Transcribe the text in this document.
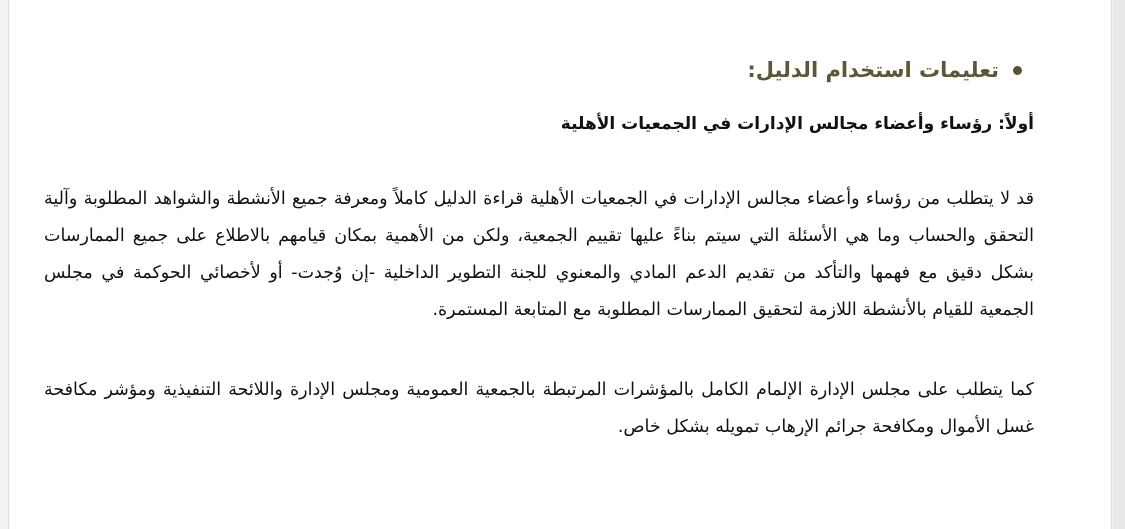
تعليمات استخدام الدليل:
أولاً: رؤساء وأعضاء مجالس الإدارات في الجمعيات الأهلية

قد لا يتطلب من رؤساء وأعضاء مجالس الإدارات في الجمعيات الأهلية قراءة الدليل كاملاً ومعرفة جميع الأنشطة والشواهد المطلوبة وآلية التحقق والحساب وما هي الأسئلة التي سيتم بناءً عليها تقييم الجمعية، ولكن من الأهمية بمكان قيامهم بالاطلاع على جميع الممارسات بشكل دقيق مع فهمها والتأكد من تقديم الدعم المادي والمعنوي للجنة التطوير الداخلية -إن وُجدت- أو لأخصائي الحوكمة في مجلس الجمعية للقيام بالأنشطة اللازمة لتحقيق الممارسات المطلوبة مع المتابعة المستمرة.

كما يتطلب على مجلس الإدارة الإلمام الكامل بالمؤشرات المرتبطة بالجمعية العمومية ومجلس الإدارة واللائحة التنفيذية ومؤشر مكافحة غسل الأموال ومكافحة جرائم الإرهاب تمويله بشكل خاص.
